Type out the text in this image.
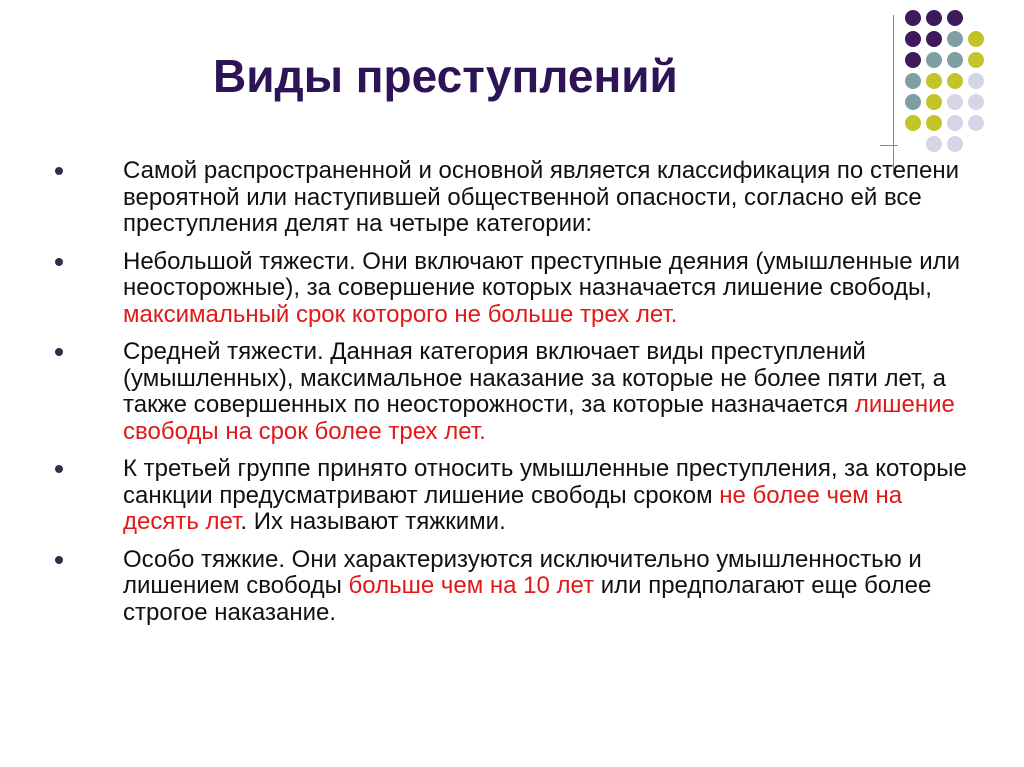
Виды преступлений
Самой распространенной и основной является классификация по степени вероятной или наступившей общественной опасности, согласно ей все преступления делят на четыре категории:
Небольшой тяжести. Они включают преступные деяния (умышленные или неосторожные), за совершение которых назначается лишение свободы, максимальный срок которого не больше трех лет.
Средней тяжести. Данная категория включает виды преступлений (умышленных), максимальное наказание за которые не более пяти лет, а также совершенных по неосторожности, за которые назначается лишение свободы на срок более трех лет.
К третьей группе принято относить умышленные преступления, за которые санкции предусматривают лишение свободы сроком не более чем на десять лет. Их называют тяжкими.
Особо тяжкие. Они характеризуются исключительно умышленностью и лишением свободы больше чем на 10 лет или предполагают еще более строгое наказание.
